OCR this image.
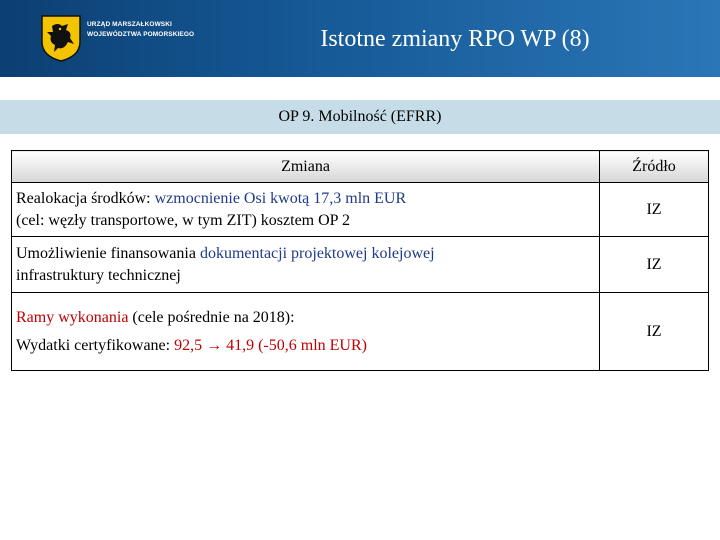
URZĄD MARSZAŁKOWSKI
WOJEWÓDZTWA POMORSKIEGO	Istotne zmiany RPO WP (8)
OP 9. Mobilność (EFRR)
Zmiana	Źródło
Realokacja środków: wzmocnienie Osi kwotą 17,3 mln EUR
(cel: węzły transportowe, w tym ZIT) kosztem OP 2	IZ
Umożliwienie finansowania dokumentacji projektowej kolejowej
infrastruktury technicznej	IZ
Ramy wykonania (cele pośrednie na 2018):
Wydatki certyfikowane: 92,5 → 41,9 (-50,6 mln EUR)	IZ
